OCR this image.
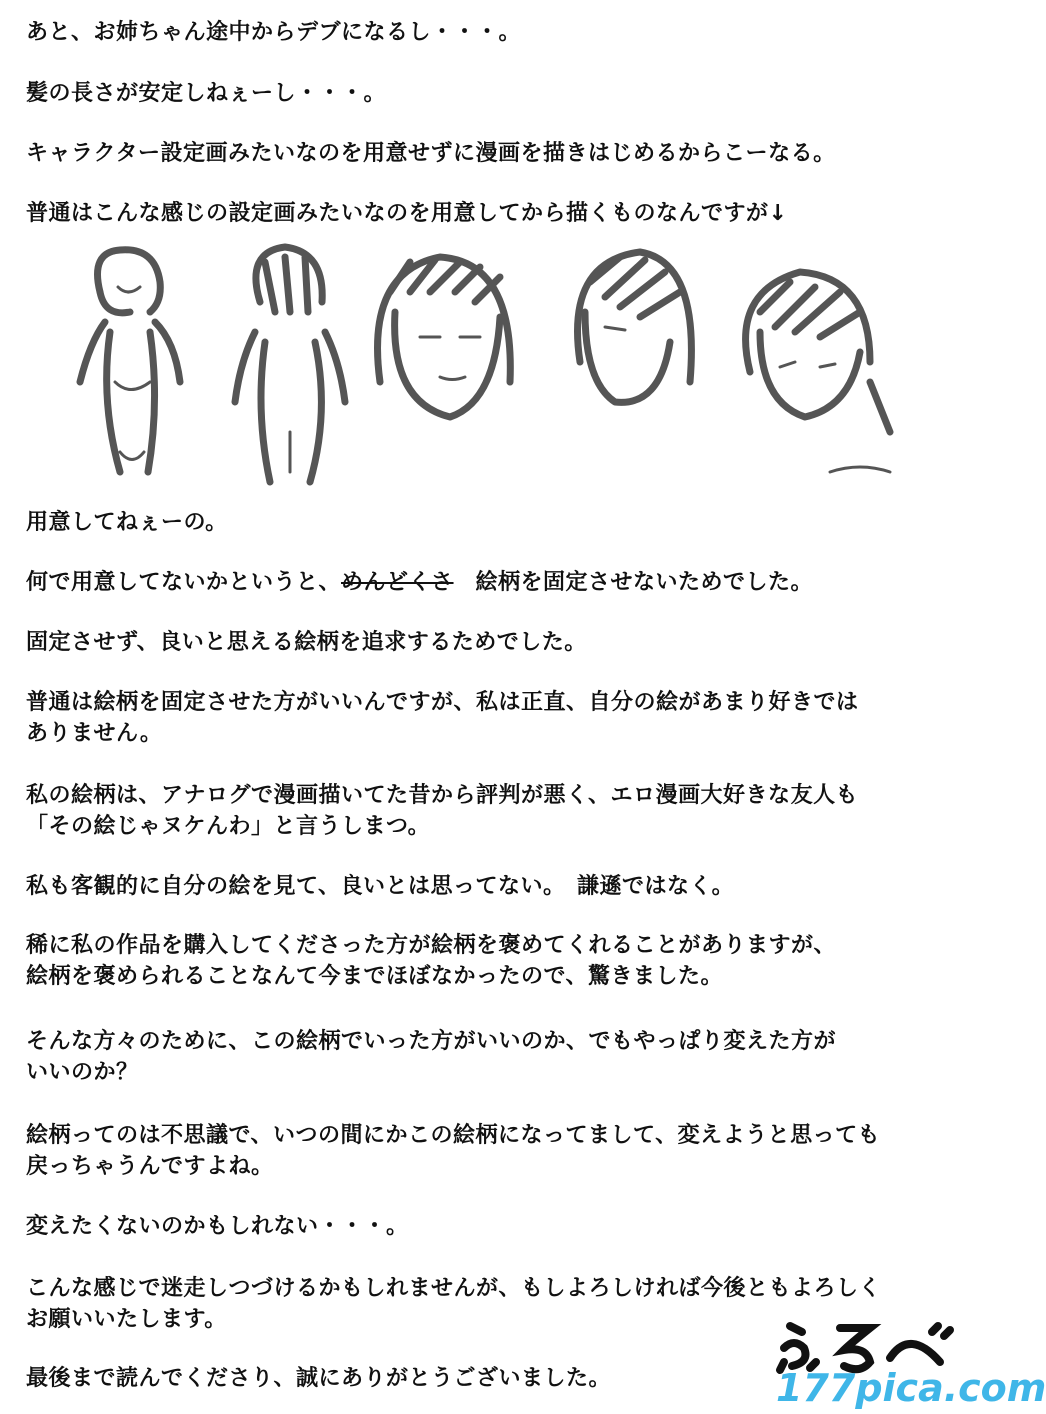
あと、お姉ちゃん途中からデブになるし・・・。
髪の長さが安定しねぇーし・・・。
キャラクター設定画みたいなのを用意せずに漫画を描きはじめるからこーなる。
普通はこんな感じの設定画みたいなのを用意してから描くものなんですが↓
用意してねぇーの。
何で用意してないかというと、めんどくさ 絵柄を固定させないためでした。
固定させず、良いと思える絵柄を追求するためでした。
普通は絵柄を固定させた方がいいんですが、私は正直、自分の絵があまり好きでは
ありません。
私の絵柄は、アナログで漫画描いてた昔から評判が悪く、エロ漫画大好きな友人も
「その絵じゃヌケんわ」と言うしまつ。
私も客観的に自分の絵を見て、良いとは思ってない。　謙遜ではなく。
稀に私の作品を購入してくださった方が絵柄を褒めてくれることがありますが、
絵柄を褒められることなんて今までほぼなかったので、驚きました。
そんな方々のために、この絵柄でいった方がいいのか、でもやっぱり変えた方が
いいのか？
絵柄ってのは不思議で、いつの間にかこの絵柄になってまして、変えようと思っても
戻っちゃうんですよね。
変えたくないのかもしれない・・・。
こんな感じで迷走しつづけるかもしれませんが、もしよろしければ今後ともよろしく
お願いいたします。
最後まで読んでくださり、誠にありがとうございました。	177pica.com
